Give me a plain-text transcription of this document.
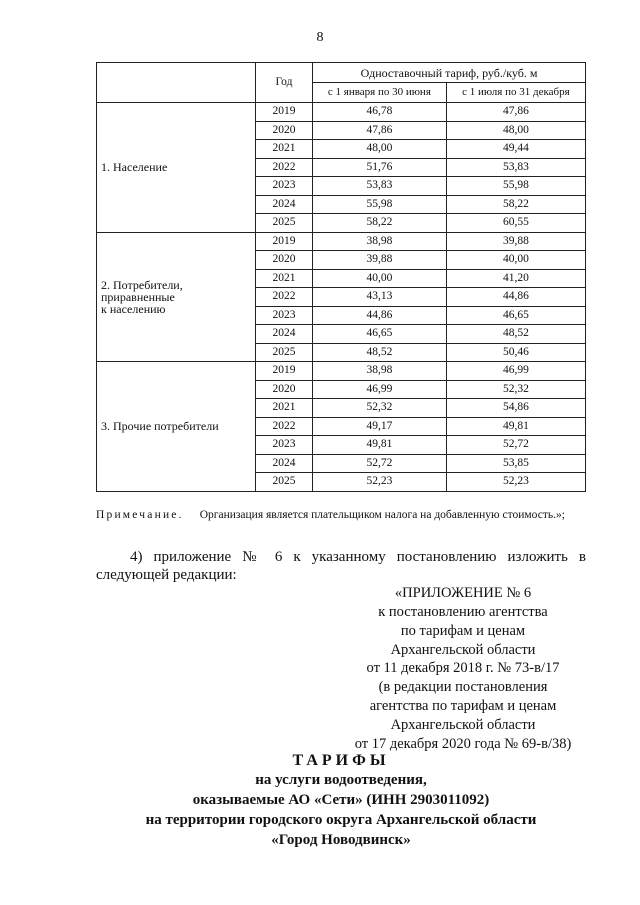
8
	Год	Одноставочный тариф, руб./куб. м	
		с 1 января по 30 июня	с 1 июля по 31 декабря

1. Население	2019	46,78	47,86
	2020	47,86	48,00
	2021	48,00	49,44
	2022	51,76	53,83
	2023	53,83	55,98
	2024	55,98	58,22
	2025	58,22	60,55

2. Потребители,
приравненные
к населению	2019	38,98	39,88
	2020	39,88	40,00
	2021	40,00	41,20
	2022	43,13	44,86
	2023	44,86	46,65
	2024	46,65	48,52
	2025	48,52	50,46

3. Прочие потребители	2019	38,98	46,99
	2020	46,99	52,32
	2021	52,32	54,86
	2022	49,17	49,81
	2023	49,81	52,72
	2024	52,72	53,85
	2025	52,23	52,23
Примечание. Организация является плательщиком налога на добавленную стоимость.»;
4) приложение № 6 к указанному постановлению изложить в следующей редакции:
«ПРИЛОЖЕНИЕ № 6
к постановлению агентства
по тарифам и ценам
Архангельской области
от 11 декабря 2018 г. № 73-в/17
(в редакции постановления
агентства по тарифам и ценам
Архангельской области
от 17 декабря 2020 года № 69-в/38)
ТАРИФЫ
на услуги водоотведения,
оказываемые АО «Сети» (ИНН 2903011092)
на территории городского округа Архангельской области
«Город Новодвинск»
